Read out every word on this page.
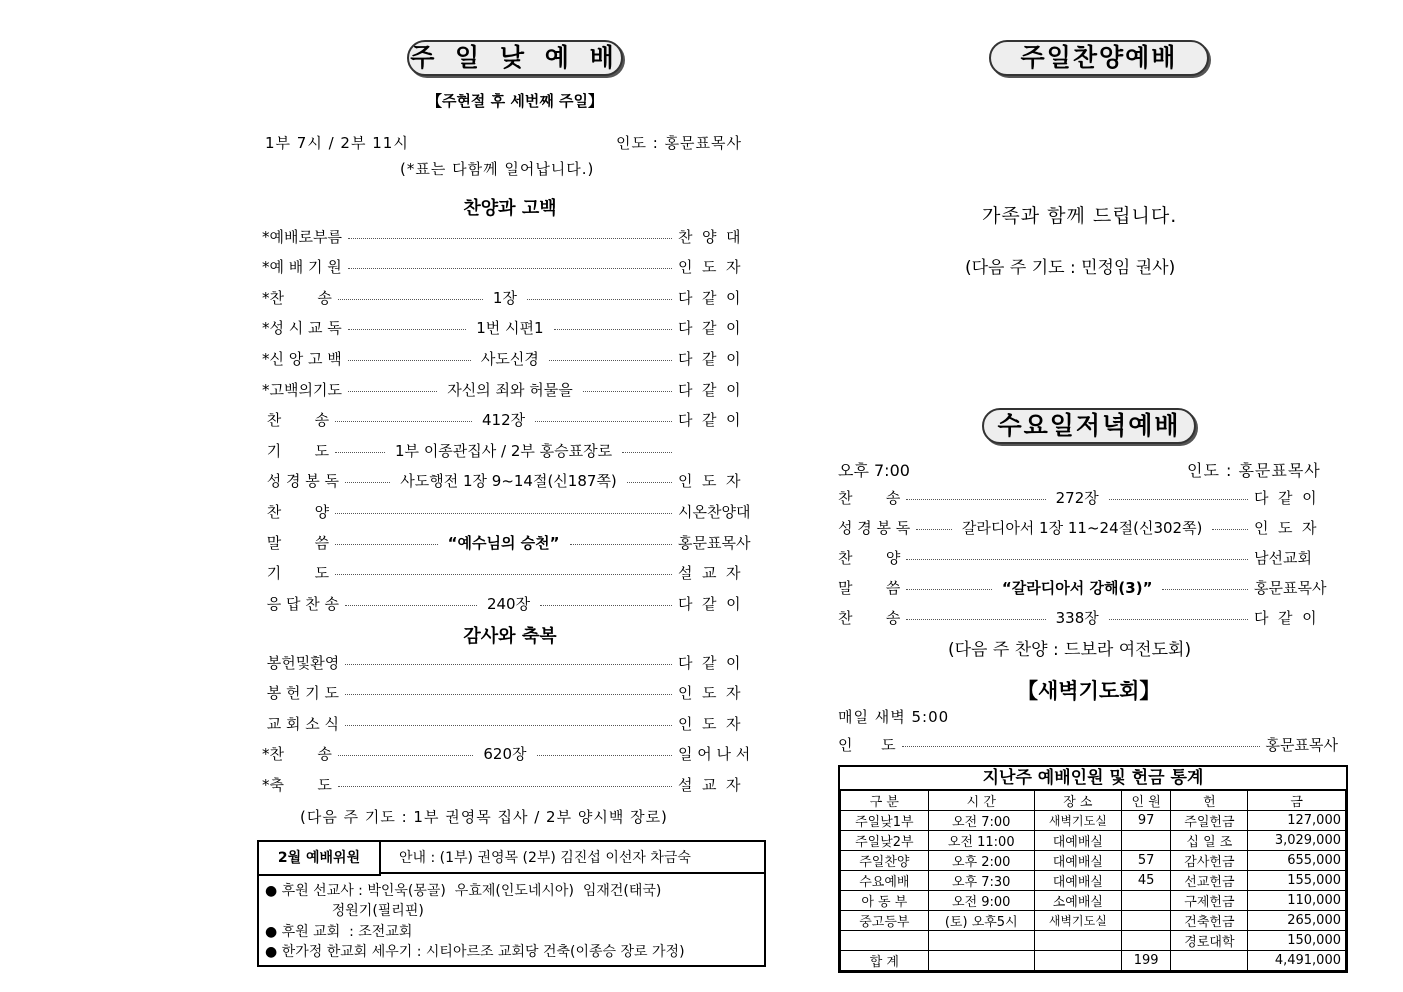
주 일 낮 예 배
【주현절 후 세번째 주일】
1부 7시 / 2부 11시	인도 : 홍문표목사
(*표는 다함께 일어납니다.)
찬양과 고백
*예배로부름	찬  양  대
*예 배 기 원	인  도  자
*찬       송	1장	다  같  이
*성 시 교 독	1번 시편1	다  같  이
*신 앙 고 백	사도신경	다  같  이
*고백의기도	자신의 죄와 허물을	다  같  이
찬       송	412장	다  같  이
기       도	1부 이종관집사 / 2부 홍승표장로
성 경 봉 독	사도행전 1장 9~14절(신187쪽)	인  도  자
찬       양	시온찬양대
말       씀	“예수님의 승천”	홍문표목사
기       도	설  교  자
응 답 찬 송	240장	다  같  이
감사와 축복
봉헌및환영	다  같  이
봉 헌 기 도	인  도  자
교 회 소 식	인  도  자
*찬       송	620장	일 어 나 서
*축       도	설  교  자
(다음 주 기도 : 1부 권영목 집사 / 2부 양시백 장로)
2월 예배위원	안내 : (1부) 권영목 (2부) 김진섭 이선자 차금숙
● 후원 선교사 : 박인욱(몽골)  우효제(인도네시아)  임재건(태국)
정원기(필리핀)
● 후원 교회  : 조전교회
● 한가정 한교회 세우기 : 시티아르조 교회당 건축(이종승 장로 가정)
주일찬양예배
가족과 함께 드립니다.
(다음 주 기도 : 민정임 권사)
수요일저녁예배
오후 7:00	인도 : 홍문표목사
찬       송	272장	다  같  이
성 경 봉 독	갈라디아서 1장 11~24절(신302쪽)	인  도  자
찬       양	남선교회
말       씀	“갈라디아서 강해(3)”	홍문표목사
찬       송	338장	다  같  이
(다음 주 찬양 : 드보라 여전도회)
【새벽기도회】
매일 새벽 5:00
인      도	홍문표목사
지난주 예배인원 및 헌금 통계
구 분	시 간	장 소	인 원	헌	금
주일낮1부	오전 7:00	새벽기도실	97	주일헌금	127,000
주일낮2부	오전 11:00	대예배실		십 일 조	3,029,000
주일찬양	오후 2:00	대예배실	57	감사헌금	655,000
수요예배	오후 7:30	대예배실	45	선교헌금	155,000
아 동 부	오전 9:00	소예배실		구제헌금	110,000
중고등부	(토) 오후5시	새벽기도실		건축헌금	265,000
				경로대학	150,000
합 계			199		4,491,000
